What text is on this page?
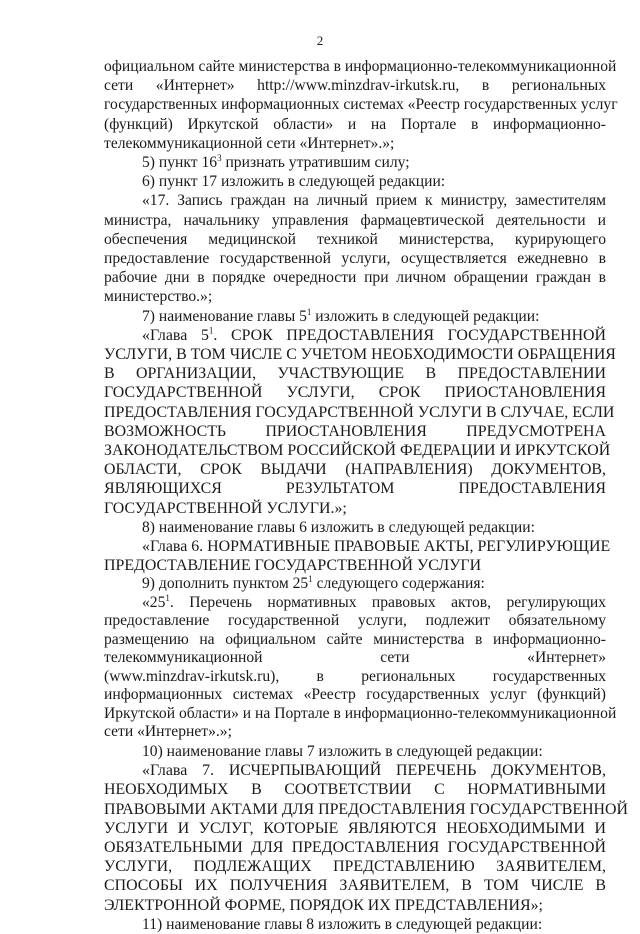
2
официальном сайте министерства в информационно-телекоммуникационной
сети «Интернет» http://www.minzdrav-irkutsk.ru, в региональных
государственных информационных системах «Реестр государственных услуг
(функций) Иркутской области» и на Портале в информационно-
телекоммуникационной сети «Интернет».»;
5) пункт $16^3$ признать утратившим силу;
6) пункт 17 изложить в следующей редакции:
«17. Запись граждан на личный прием к министру, заместителям
министра, начальнику управления фармацевтической деятельности и
обеспечения медицинской техникой министерства, курирующего
предоставление государственной услуги, осуществляется ежедневно в
рабочие дни в порядке очередности при личном обращении граждан в
министерство.»;
7) наименование главы $5^1$ изложить в следующей редакции:
«Глава $5^1$. СРОК ПРЕДОСТАВЛЕНИЯ ГОСУДАРСТВЕННОЙ
УСЛУГИ, В ТОМ ЧИСЛЕ С УЧЕТОМ НЕОБХОДИМОСТИ ОБРАЩЕНИЯ
В ОРГАНИЗАЦИИ, УЧАСТВУЮЩИЕ В ПРЕДОСТАВЛЕНИИ
ГОСУДАРСТВЕННОЙ УСЛУГИ, СРОК ПРИОСТАНОВЛЕНИЯ
ПРЕДОСТАВЛЕНИЯ ГОСУДАРСТВЕННОЙ УСЛУГИ В СЛУЧАЕ, ЕСЛИ
ВОЗМОЖНОСТЬ ПРИОСТАНОВЛЕНИЯ ПРЕДУСМОТРЕНА
ЗАКОНОДАТЕЛЬСТВОМ РОССИЙСКОЙ ФЕДЕРАЦИИ И ИРКУТСКОЙ
ОБЛАСТИ, СРОК ВЫДАЧИ (НАПРАВЛЕНИЯ) ДОКУМЕНТОВ,
ЯВЛЯЮЩИХСЯ РЕЗУЛЬТАТОМ ПРЕДОСТАВЛЕНИЯ
ГОСУДАРСТВЕННОЙ УСЛУГИ.»;
8) наименование главы 6 изложить в следующей редакции:
«Глава 6. НОРМАТИВНЫЕ ПРАВОВЫЕ АКТЫ, РЕГУЛИРУЮЩИЕ
ПРЕДОСТАВЛЕНИЕ ГОСУДАРСТВЕННОЙ УСЛУГИ
9) дополнить пунктом $25^1$ следующего содержания:
«$25^1$. Перечень нормативных правовых актов, регулирующих
предоставление государственной услуги, подлежит обязательному
размещению на официальном сайте министерства в информационно-
телекоммуникационной сети «Интернет»
(www.minzdrav-irkutsk.ru), в региональных государственных
информационных системах «Реестр государственных услуг (функций)
Иркутской области» и на Портале в информационно-телекоммуникационной
сети «Интернет».»;
10) наименование главы 7 изложить в следующей редакции:
«Глава 7. ИСЧЕРПЫВАЮЩИЙ ПЕРЕЧЕНЬ ДОКУМЕНТОВ,
НЕОБХОДИМЫХ В СООТВЕТСТВИИ С НОРМАТИВНЫМИ
ПРАВОВЫМИ АКТАМИ ДЛЯ ПРЕДОСТАВЛЕНИЯ ГОСУДАРСТВЕННОЙ
УСЛУГИ И УСЛУГ, КОТОРЫЕ ЯВЛЯЮТСЯ НЕОБХОДИМЫМИ И
ОБЯЗАТЕЛЬНЫМИ ДЛЯ ПРЕДОСТАВЛЕНИЯ ГОСУДАРСТВЕННОЙ
УСЛУГИ, ПОДЛЕЖАЩИХ ПРЕДСТАВЛЕНИЮ ЗАЯВИТЕЛЕМ,
СПОСОБЫ ИХ ПОЛУЧЕНИЯ ЗАЯВИТЕЛЕМ, В ТОМ ЧИСЛЕ В
ЭЛЕКТРОННОЙ ФОРМЕ, ПОРЯДОК ИХ ПРЕДСТАВЛЕНИЯ»;
11) наименование главы 8 изложить в следующей редакции:
